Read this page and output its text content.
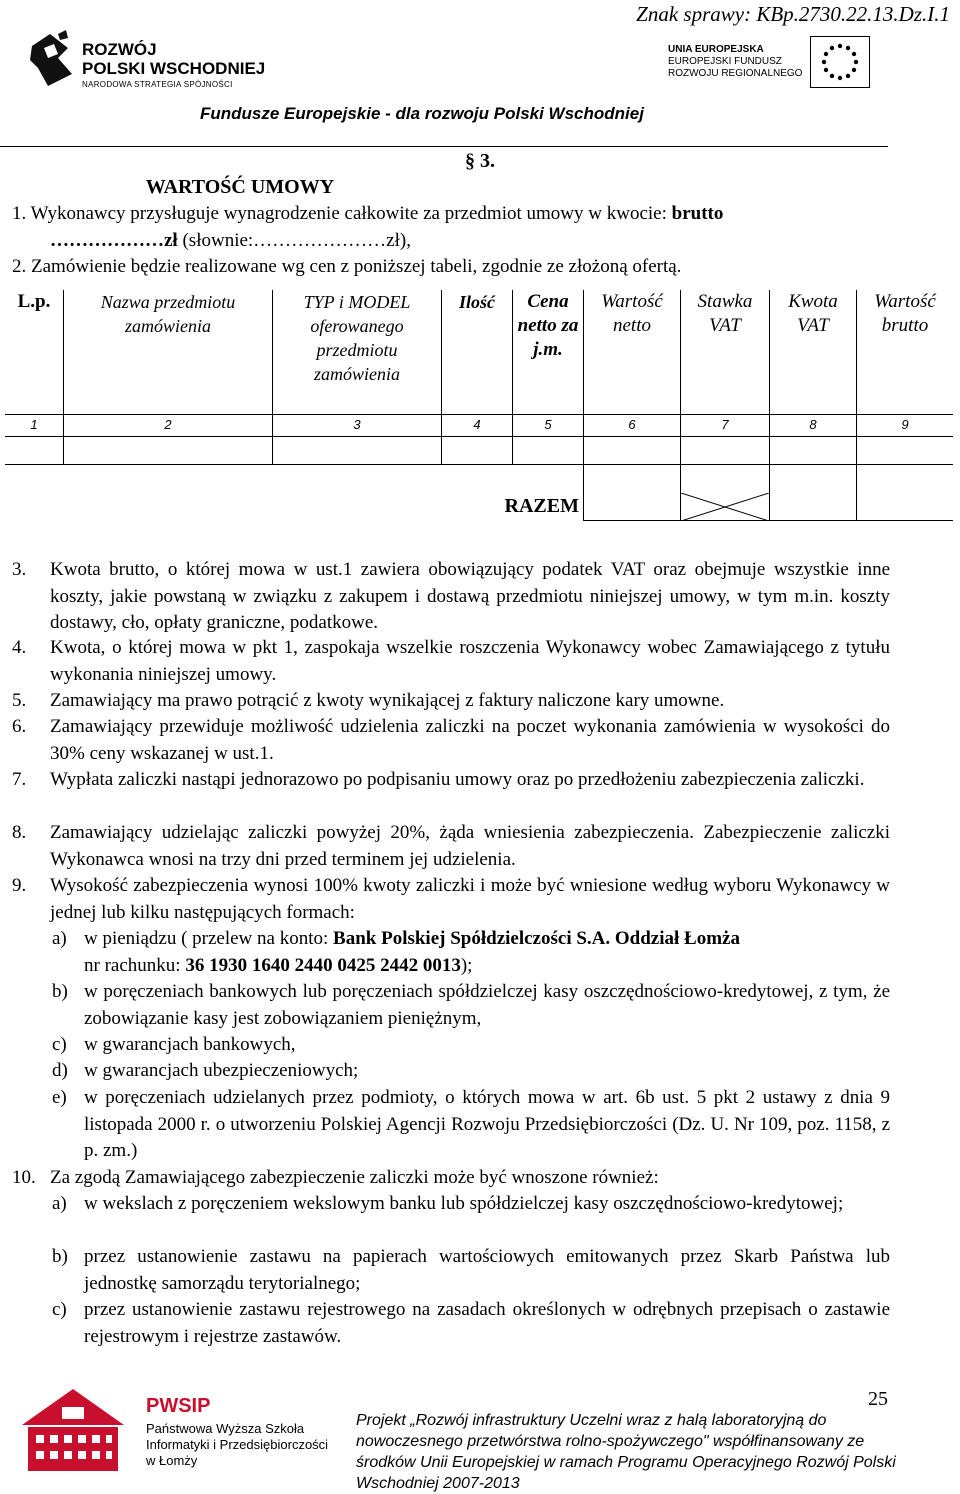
Znak sprawy: KBp.2730.22.13.Dz.I.1
ROZWÓJ
POLSKI WSCHODNIEJ
NARODOWA STRATEGIA SPÓJNOŚCI
UNIA EUROPEJSKA
EUROPEJSKI FUNDUSZ
ROZWOJU REGIONALNEGO
Fundusze Europejskie - dla rozwoju Polski Wschodniej
§ 3.
WARTOŚĆ UMOWY
1. Wykonawcy przysługuje wynagrodzenie całkowite za przedmiot umowy w kwocie: brutto
………………zł (słownie:…………………zł),
2. Zamówienie będzie realizowane wg cen z poniższej tabeli, zgodnie ze złożoną ofertą.
L.p.	Nazwa przedmiotu zamówienia	TYP i MODEL oferowanego przedmiotu zamówienia	Ilość	Cena netto za j.m.	Wartość netto	Stawka VAT	Kwota VAT	Wartość brutto
1	2	3	4	5	6	7	8	9

			RAZEM		

3. Kwota brutto, o której mowa w ust.1 zawiera obowiązujący podatek VAT oraz obejmuje wszystkie inne koszty, jakie powstaną w związku z zakupem i dostawą przedmiotu niniejszej umowy, w tym m.in. koszty dostawy, cło, opłaty graniczne, podatkowe.
4. Kwota, o której mowa w pkt 1, zaspokaja wszelkie roszczenia Wykonawcy wobec Zamawiającego z tytułu wykonania niniejszej umowy.
5. Zamawiający ma prawo potrącić z kwoty wynikającej z faktury naliczone kary umowne.
6. Zamawiający przewiduje możliwość udzielenia zaliczki na poczet wykonania zamówienia w wysokości do 30% ceny wskazanej w ust.1.
7. Wypłata zaliczki nastąpi jednorazowo po podpisaniu umowy oraz po przedłożeniu zabezpieczenia zaliczki.
8. Zamawiający udzielając zaliczki powyżej 20%, żąda wniesienia zabezpieczenia. Zabezpieczenie zaliczki Wykonawca wnosi na trzy dni przed terminem jej udzielenia.
9. Wysokość zabezpieczenia wynosi 100% kwoty zaliczki i może być wniesione według wyboru Wykonawcy w jednej lub kilku następujących formach:
a) w pieniądzu ( przelew na konto: Bank Polskiej Spółdzielczości S.A. Oddział Łomża
nr rachunku: 36 1930 1640 2440 0425 2442 0013);
b) w poręczeniach bankowych lub poręczeniach spółdzielczej kasy oszczędnościowo-kredytowej, z tym, że zobowiązanie kasy jest zobowiązaniem pieniężnym,
c) w gwarancjach bankowych,
d) w gwarancjach ubezpieczeniowych;
e) w poręczeniach udzielanych przez podmioty, o których mowa w art. 6b ust. 5 pkt 2 ustawy z dnia 9 listopada 2000 r. o utworzeniu Polskiej Agencji Rozwoju Przedsiębiorczości (Dz. U. Nr 109, poz. 1158, z p. zm.)
10. Za zgodą Zamawiającego zabezpieczenie zaliczki może być wnoszone również:
a) w wekslach z poręczeniem wekslowym banku lub spółdzielczej kasy oszczędnościowo-kredytowej;
b) przez ustanowienie zastawu na papierach wartościowych emitowanych przez Skarb Państwa lub jednostkę samorządu terytorialnego;
c) przez ustanowienie zastawu rejestrowego na zasadach określonych w odrębnych przepisach o zastawie rejestrowym i rejestrze zastawów.
PWSIP
Państwowa Wyższa Szkoła
Informatyki i Przedsiębiorczości
w Łomży
Projekt „Rozwój infrastruktury Uczelni wraz z halą laboratoryjną do nowoczesnego przetwórstwa rolno-spożywczego" współfinansowany ze środków Unii Europejskiej w ramach Programu Operacyjnego Rozwój Polski Wschodniej 2007-2013
25
